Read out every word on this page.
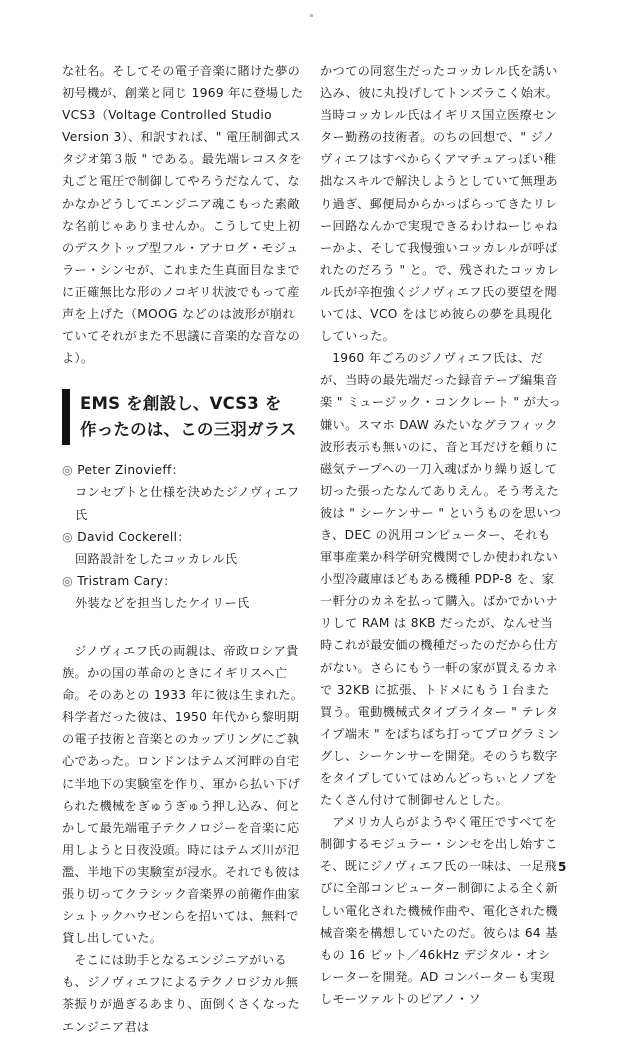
な社名。そしてその電子音楽に賭けた夢の初号機が、創業と同じ 1969 年に登場した VCS3（Voltage Controlled Studio Version 3）、和訳すれば、" 電圧制御式スタジオ第３版 " である。最先端レコスタを丸ごと電圧で制御してやろうだなんて、なかなかどうしてエンジニア魂こもった素敵な名前じゃありませんか。こうして史上初のデスクトップ型フル・アナログ・モジュラー・シンセが、これまた生真面目なまでに正確無比な形のノコギリ状波でもって産声を上げた（MOOG などのは波形が崩れていてそれがまた不思議に音楽的な音なのよ）。

EMS を創設し、VCS3 を
作ったのは、この三羽ガラス
◎ Peter Zinovieff：
コンセプトと仕様を決めたジノヴィエフ氏
◎ David Cockerell：
回路設計をしたコッカレル氏
◎ Tristram Cary：
外装などを担当したケイリー氏

ジノヴィエフ氏の両親は、帝政ロシア貴族。かの国の革命のときにイギリスへ亡命。そのあとの 1933 年に彼は生まれた。科学者だった彼は、1950 年代から黎明期の電子技術と音楽とのカップリングにご執心であった。ロンドンはテムズ河畔の自宅に半地下の実験室を作り、軍から払い下げられた機械をぎゅうぎゅう押し込み、何とかして最先端電子テクノロジーを音楽に応用しようと日夜没頭。時にはテムズ川が氾濫、半地下の実験室が浸水。それでも彼は張り切ってクラシック音楽界の前衛作曲家シュトックハウゼンらを招いては、無料で貸し出していた。

そこには助手となるエンジニアがいるも、ジノヴィエフによるテクノロジカル無茶振りが過ぎるあまり、面倒くさくなったエンジニア君は

かつての同窓生だったコッカレル氏を誘い込み、彼に丸投げしてトンズラこく始末。当時コッカレル氏はイギリス国立医療センター勤務の技術者。のちの回想で、" ジノヴィエフはすべからくアマチュアっぽい稚拙なスキルで解決しようとしていて無理あり過ぎ、郵便局からかっぱらってきたリレー回路なんかで実現できるわけねーじゃねーかよ、そして我慢強いコッカレルが呼ばれたのだろう " と。で、残されたコッカレル氏が辛抱強くジノヴィエフ氏の要望を聞いては、VCO をはじめ彼らの夢を具現化していった。

1960 年ごろのジノヴィエフ氏は、だが、当時の最先端だった録音テープ編集音楽 " ミュージック・コンクレート " が大っ嫌い。スマホ DAW みたいなグラフィック波形表示も無いのに、音と耳だけを頼りに磁気テープへの一刀入魂ばかり繰り返して切った張ったなんてありえん。そう考えた彼は " シーケンサー " というものを思いつき、DEC の汎用コンピューター、それも軍事産業か科学研究機関でしか使われない小型冷蔵庫ほどもある機種 PDP-8 を、家一軒分のカネを払って購入。ばかでかいナリして RAM は 8KB だったが、なんせ当時これが最安価の機種だったのだから仕方がない。さらにもう一軒の家が買えるカネで 32KB に拡張、トドメにもう１台また買う。電動機械式タイプライター " テレタイプ端末 " をぱちぱち打ってプログラミングし、シーケンサーを開発。そのうち数字をタイプしていてはめんどっちぃとノブをたくさん付けて制御せんとした。

アメリカ人らがようやく電圧ですべてを制御するモジュラー・シンセを出し始すこそ、既にジノヴィエフ氏の一味は、一足飛びに全部コンピューター制御による全く新しい電化された機械作曲や、電化された機械音楽を構想していたのだ。彼らは 64 基もの 16 ビット／46kHz デジタル・オシレーターを開発。AD コンバーターも実現しモーツァルトのピアノ・ソ

5
